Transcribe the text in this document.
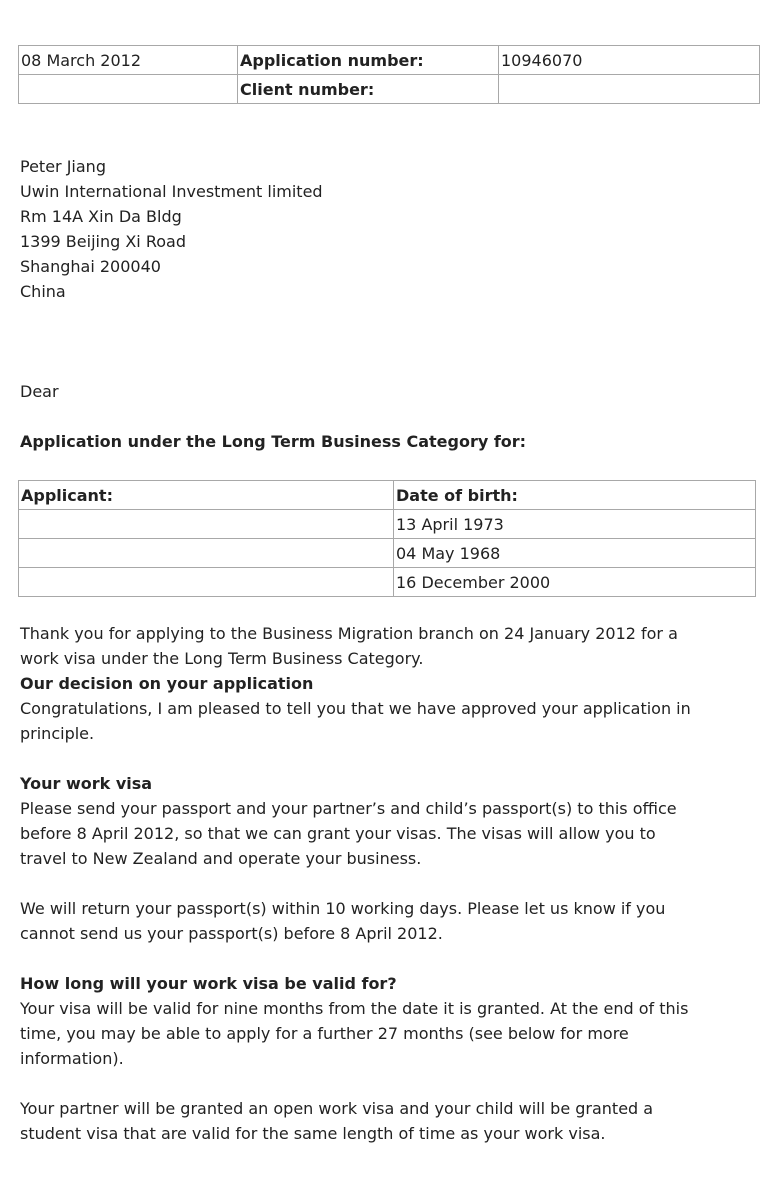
08 March 2012	Application number:	10946070
	Client number:	
Peter Jiang
Uwin International Investment limited
Rm 14A Xin Da Bldg
1399 Beijing Xi Road
Shanghai 200040
China
Dear
Application under the Long Term Business Category for:
Applicant:	Date of birth:
	13 April 1973
	04 May 1968
	16 December 2000
Thank you for applying to the Business Migration branch on 24 January 2012 for a
work visa under the Long Term Business Category.
Our decision on your application
Congratulations, I am pleased to tell you that we have approved your application in
principle.

Your work visa
Please send your passport and your partner’s and child’s passport(s) to this office
before 8 April 2012, so that we can grant your visas. The visas will allow you to
travel to New Zealand and operate your business.

We will return your passport(s) within 10 working days. Please let us know if you
cannot send us your passport(s) before 8 April 2012.

How long will your work visa be valid for?
Your visa will be valid for nine months from the date it is granted. At the end of this
time, you may be able to apply for a further 27 months (see below for more
information).

Your partner will be granted an open work visa and your child will be granted a
student visa that are valid for the same length of time as your work visa.
